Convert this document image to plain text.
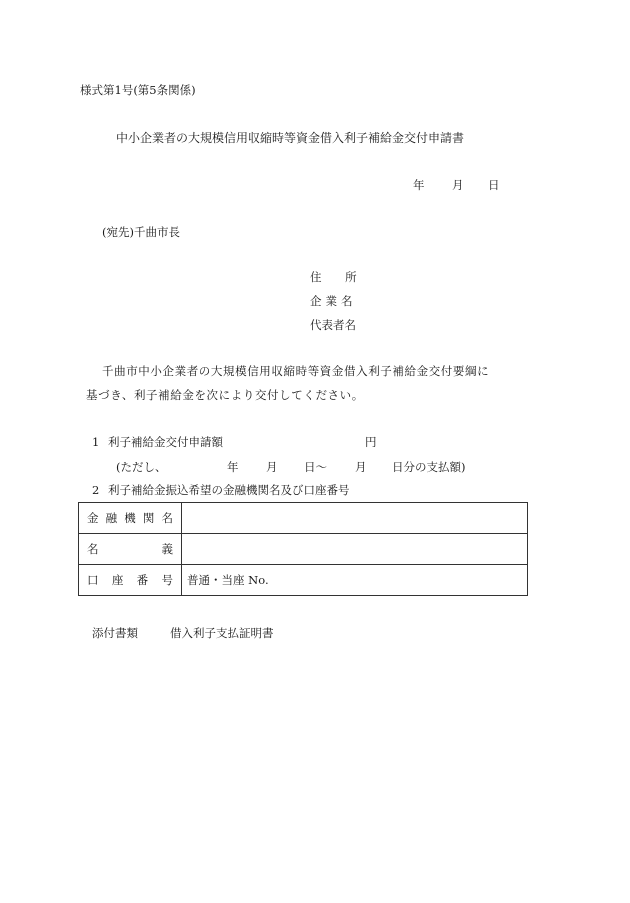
様式第1号(第5条関係)
中小企業者の大規模信用収縮時等資金借入利子補給金交付申請書
年 月 日
(宛先)千曲市長
住 所
企業名
代表者名
千曲市中小企業者の大規模信用収縮時等資金借入利子補給金交付要綱に
基づき、利子補給金を次により交付してください。
1 利子補給金交付申請額	円
(ただし、	年 月 日～ 月 日分の支払額)
2 利子補給金振込希望の金融機関名及び口座番号
金 融 機 関 名	

名 義	

口 座 番 号	普通・当座 No.
添付書類	借入利子支払証明書
